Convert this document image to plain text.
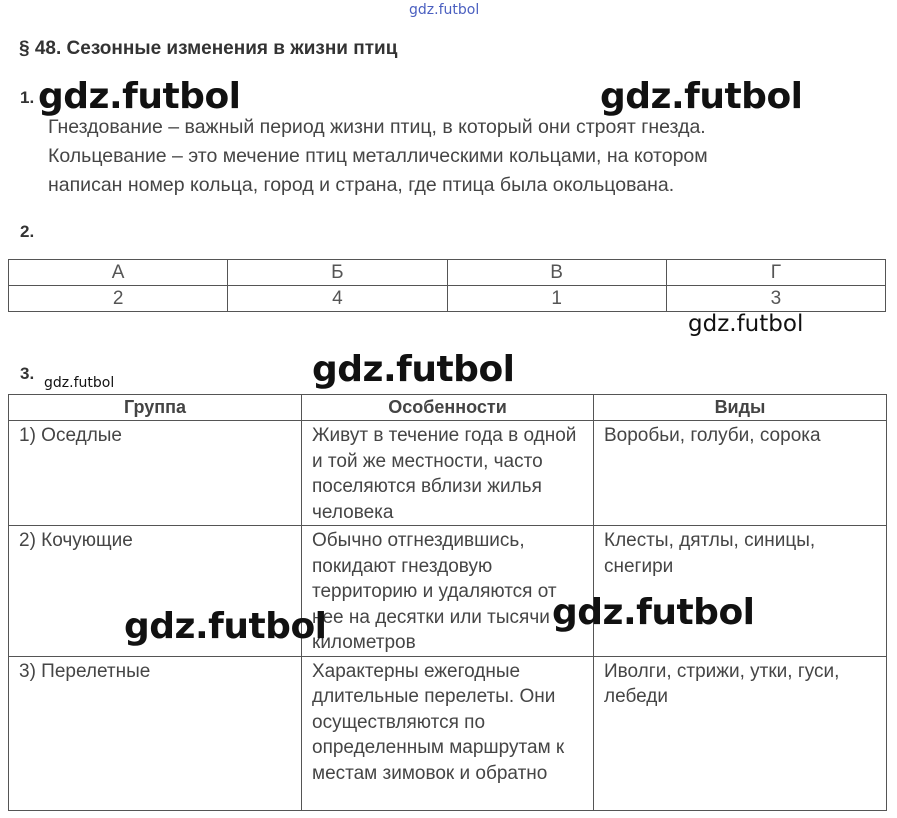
gdz.futbol
§ 48. Сезонные изменения в жизни птиц
1.
Гнездование – важный период жизни птиц, в который они строят гнезда.
Кольцевание – это мечение птиц металлическими кольцами, на котором
написан номер кольца, город и страна, где птица была окольцована.
gdz.futbol	gdz.futbol
2.
А	Б	В	Г
2	4	1	3
gdz.futbol
3. gdz.futbol	gdz.futbol
Группа	Особенности	Виды
1) Оседлые	Живут в течение года в одной и той же местности, часто поселяются вблизи жилья человека	Воробьи, голуби, сорока
2) Кочующие	Обычно отгнездившись, покидают гнездовую территорию и удаляются от нее на десятки или тысячи километров	Клесты, дятлы, синицы, снегири
3) Перелетные	Характерны ежегодные длительные перелеты. Они осуществляются по определенным маршрутам к местам зимовок и обратно	Иволги, стрижи, утки, гуси, лебеди
gdz.futbol	gdz.futbol
